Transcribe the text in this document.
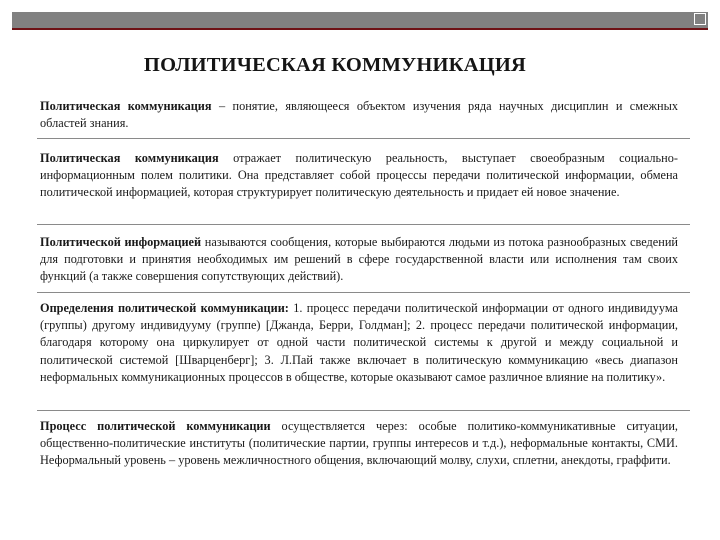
ПОЛИТИЧЕСКАЯ КОММУНИКАЦИЯ

Политическая коммуникация – понятие, являющееся объектом изучения ряда научных дисциплин и смежных областей знания.

Политическая коммуникация отражает политическую реальность, выступает своеобразным социально-информационным полем политики. Она представляет собой процессы передачи политической информации, обмена политической информацией, которая структурирует политическую деятельность и придает ей новое значение.

Политической информацией называются сообщения, которые выбираются людьми из потока разнообразных сведений для подготовки и принятия необходимых им решений в сфере государственной власти или исполнения там своих функций (а также совершения сопутствующих действий).

Определения политической коммуникации: 1. процесс передачи политической информации от одного индивидуума (группы) другому индивидууму (группе) [Джанда, Берри, Голдман]; 2. процесс передачи политической информации, благодаря которому она циркулирует от одной части политической системы к другой и между социальной и политической системой [Шварценберг]; 3. Л.Пай также включает в политическую коммуникацию «весь диапазон неформальных коммуникационных процессов в обществе, которые оказывают самое различное влияние на политику».

Процесс политической коммуникации осуществляется через: особые политико-коммуникативные ситуации, общественно-политические институты (политические партии, группы интересов и т.д.), неформальные контакты, СМИ. Неформальный уровень – уровень межличностного общения, включающий молву, слухи, сплетни, анекдоты, граффити.
